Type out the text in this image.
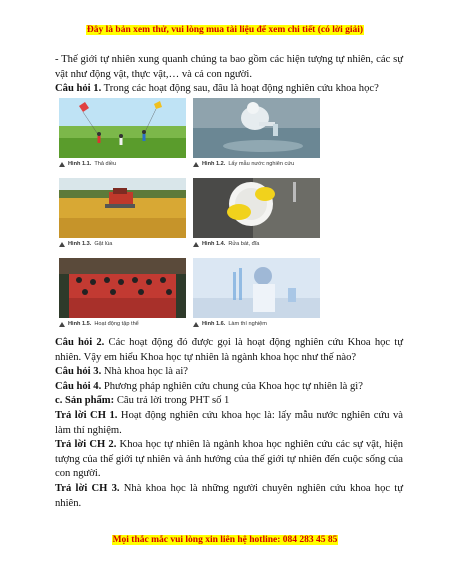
Đây là bản xem thử, vui lòng mua tài liệu để xem chi tiết (có lời giải)

- Thế giới tự nhiên xung quanh chúng ta bao gồm các hiện tượng tự nhiên, các sự vật như động vật, thực vật,… và cả con người.

Câu hỏi 1. Trong các hoạt động sau, đâu là hoạt động nghiên cứu khoa học?

Hình 1.1. Thả diều	Hình 1.2. Lấy mẫu nước nghiên cứu
Hình 1.3. Gặt lúa	Hình 1.4. Rửa bát, đĩa
Hình 1.5. Hoạt động tập thể	Hình 1.6. Làm thí nghiệm

Câu hỏi 2. Các hoạt động đó được gọi là hoạt động nghiên cứu Khoa học tự nhiên. Vậy em hiểu Khoa học tự nhiên là ngành khoa học như thế nào?

Câu hỏi 3. Nhà khoa học là ai?

Câu hỏi 4. Phương pháp nghiên cứu chung của Khoa học tự nhiên là gì?

c. Sản phẩm: Câu trả lời trong PHT số 1

Trả lời CH 1. Hoạt động nghiên cứu khoa học là: lấy mẫu nước nghiên cứu và làm thí nghiệm.

Trả lời CH 2. Khoa học tự nhiên là ngành khoa học nghiên cứu các sự vật, hiện tượng của thế giới tự nhiên và ảnh hưởng của thế giới tự nhiên đến cuộc sống của con người.

Trả lời CH 3. Nhà khoa học là những người chuyên nghiên cứu khoa học tự nhiên.

Mọi thắc mắc vui lòng xin liên hệ hotline: 084 283 45 85
